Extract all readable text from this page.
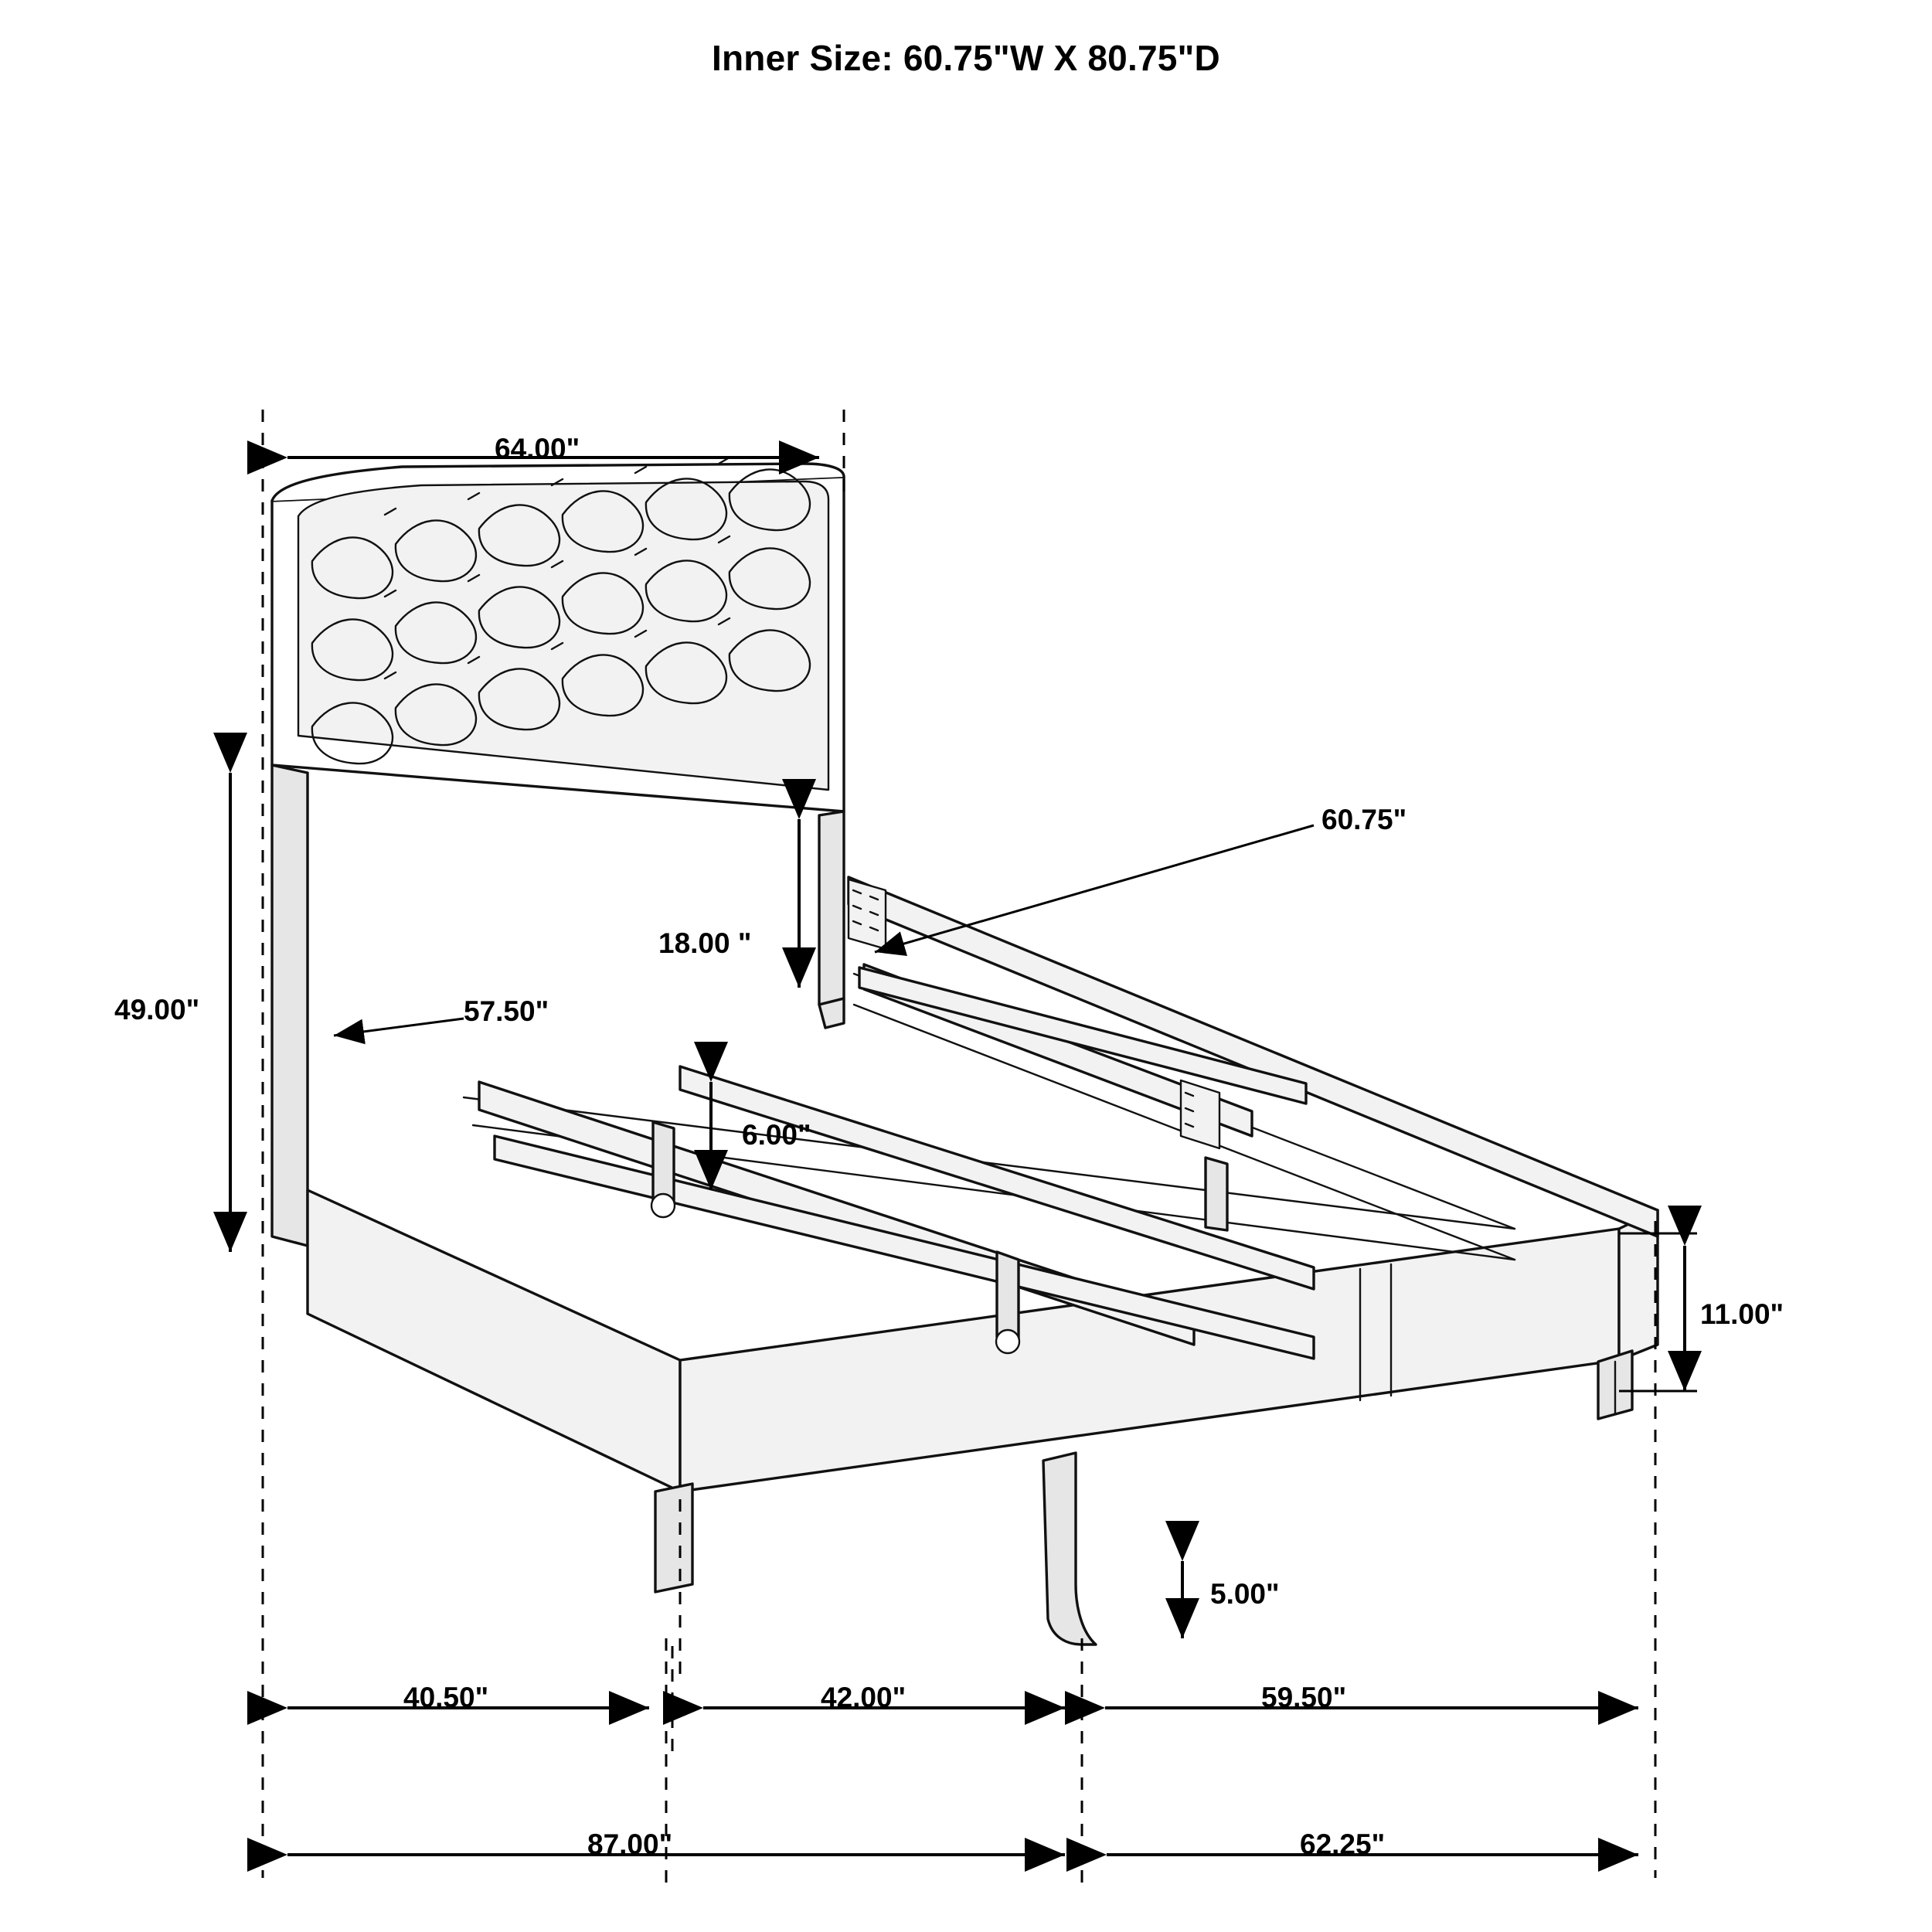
Inner Size: 60.75"W X 80.75"D
64.00"
49.00"
18.00 "
57.50"
60.75"
6.00"
11.00"
5.00"
40.50"	42.00"	59.50"
87.00"	62.25"
